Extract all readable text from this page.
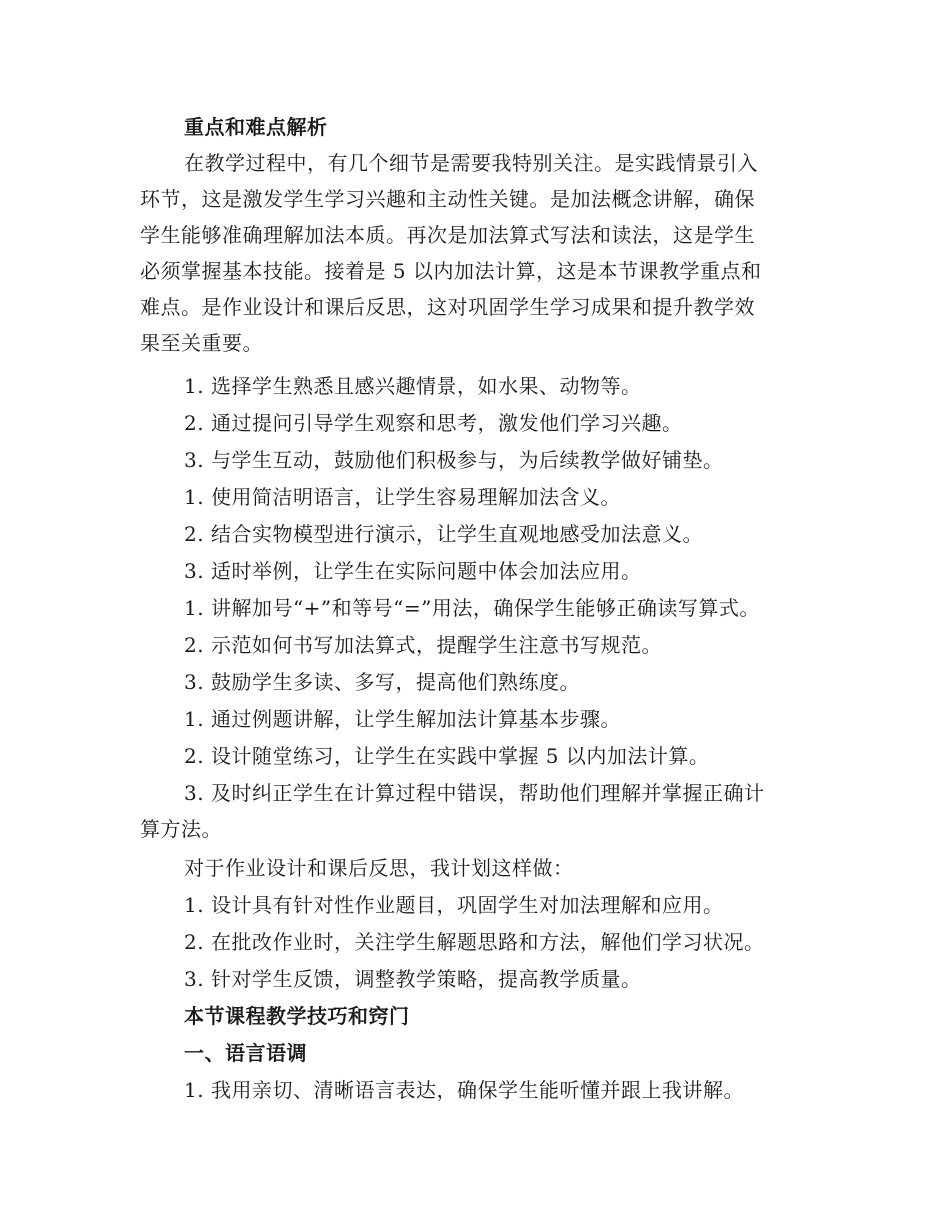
重点和难点解析
在教学过程中，有几个细节是需要我特别关注。是实践情景引入
环节，这是激发学生学习兴趣和主动性关键。是加法概念讲解，确保
学生能够准确理解加法本质。再次是加法算式写法和读法，这是学生
必须掌握基本技能。接着是 5 以内加法计算，这是本节课教学重点和
难点。是作业设计和课后反思，这对巩固学生学习成果和提升教学效
果至关重要。
1. 选择学生熟悉且感兴趣情景，如水果、动物等。
2. 通过提问引导学生观察和思考，激发他们学习兴趣。
3. 与学生互动，鼓励他们积极参与，为后续教学做好铺垫。
1. 使用简洁明语言，让学生容易理解加法含义。
2. 结合实物模型进行演示，让学生直观地感受加法意义。
3. 适时举例，让学生在实际问题中体会加法应用。
1. 讲解加号“+”和等号“=”用法，确保学生能够正确读写算式。
2. 示范如何书写加法算式，提醒学生注意书写规范。
3. 鼓励学生多读、多写，提高他们熟练度。
1. 通过例题讲解，让学生解加法计算基本步骤。
2. 设计随堂练习，让学生在实践中掌握 5 以内加法计算。
3. 及时纠正学生在计算过程中错误，帮助他们理解并掌握正确计
算方法。
对于作业设计和课后反思，我计划这样做：
1. 设计具有针对性作业题目，巩固学生对加法理解和应用。
2. 在批改作业时，关注学生解题思路和方法，解他们学习状况。
3. 针对学生反馈，调整教学策略，提高教学质量。
本节课程教学技巧和窍门
一、语言语调
1. 我用亲切、清晰语言表达，确保学生能听懂并跟上我讲解。
